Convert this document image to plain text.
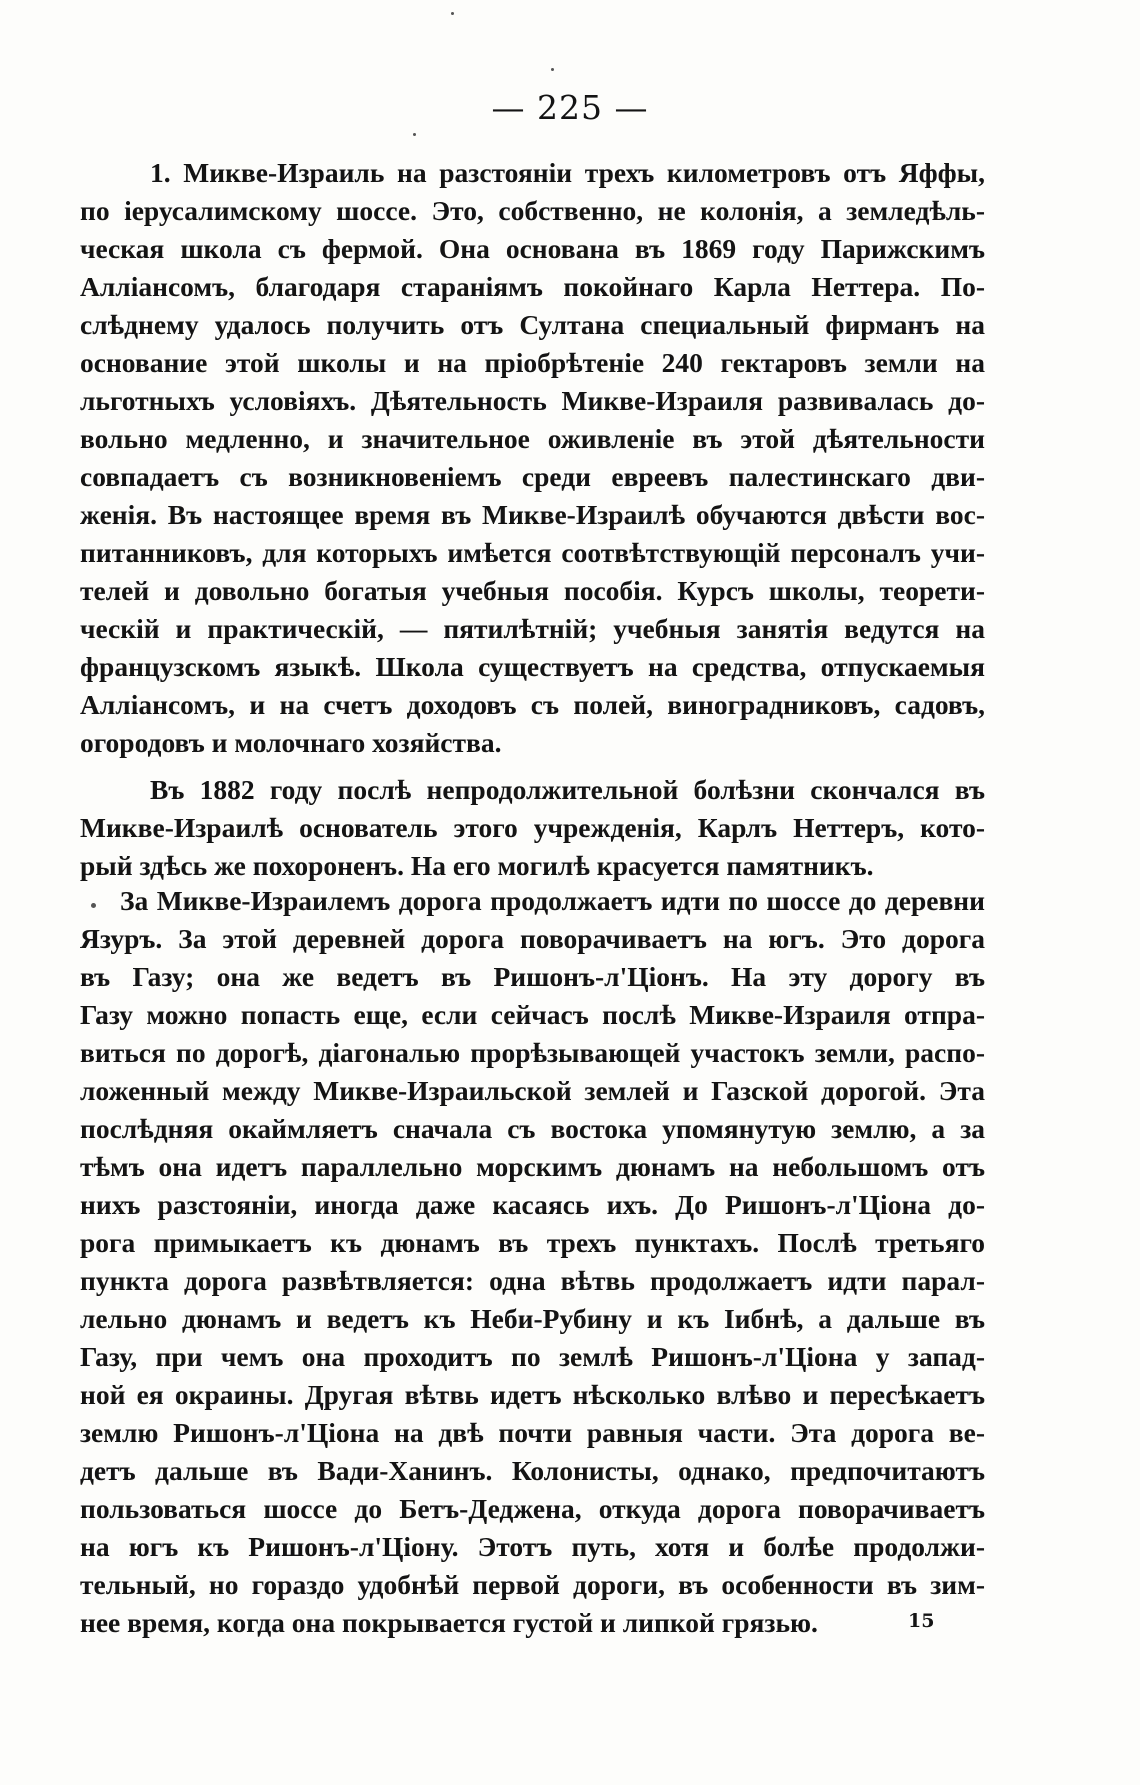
— 225 —
1. Микве-Израиль на разстоянiи трехъ километровъ отъ Яффы,
по iерусалимскому шоссе. Это, собственно, не колонiя, а земледѣль-
ческая школа съ фермой. Она основана въ 1869 году Парижскимъ
Алліансомъ, благодаря стараніямъ покойнаго Карла Неттера. По-
слѣднему удалось получить отъ Султана специальный фирманъ на
основание этой школы и на прiобрѣтенiе 240 гектаровъ земли на
льготныхъ условiяхъ. Дѣятельность Микве-Израиля развивалась до-
вольно медленно, и значительное оживленiе въ этой дѣятельности
совпадаетъ съ возникновенiемъ среди евреевъ палестинскаго дви-
женiя. Въ настоящее время въ Микве-Израилѣ обучаются двѣсти вос-
питанниковъ, для которыхъ имѣется соотвѣтствующiй персоналъ учи-
телей и довольно богатыя учебныя пособiя. Курсъ школы, теорети-
ческiй и практическiй, — пятилѣтнiй; учебныя занятiя ведутся на
французскомъ языкѣ. Школа существуетъ на средства, отпускаемыя
Алліансомъ, и на счетъ доходовъ съ полей, виноградниковъ, садовъ,
огородовъ и молочнаго хозяйства.
Въ 1882 году послѣ непродолжительной болѣзни скончался въ
Микве-Израилѣ основатель этого учрежденiя, Карлъ Неттеръ, кото-
рый здѣсь же похороненъ. На его могилѣ красуется памятникъ.
За Микве-Израилемъ дорога продолжаетъ идти по шоссе до деревни
Язуръ. За этой деревней дорога поворачиваетъ на югъ. Это дорога
въ Газу; она же ведетъ въ Ришонъ-л'Цiонъ. На эту дорогу въ
Газу можно попасть еще, если сейчасъ послѣ Микве-Израиля отпра-
виться по дорогѣ, дiагональю прорѣзывающей участокъ земли, распо-
ложенный между Микве-Израильской землей и Газской дорогой. Эта
послѣдняя окаймляетъ сначала съ востока упомянутую землю, а за
тѣмъ она идетъ параллельно морскимъ дюнамъ на небольшомъ отъ
нихъ разстоянiи, иногда даже касаясь ихъ. До Ришонъ-л'Цiона до-
рога примыкаетъ къ дюнамъ въ трехъ пунктахъ. Послѣ третьяго
пункта дорога развѣтвляется: одна вѣтвь продолжаетъ идти парал-
лельно дюнамъ и ведетъ къ Неби-Рубину и къ Iибнѣ, а дальше въ
Газу, при чемъ она проходитъ по землѣ Ришонъ-л'Цiона у запад-
ной ея окраины. Другая вѣтвь идетъ нѣсколько влѣво и пересѣкаетъ
землю Ришонъ-л'Цiона на двѣ почти равныя части. Эта дорога ве-
детъ дальше въ Вади-Ханинъ. Колонисты, однако, предпочитаютъ
пользоваться шоссе до Бетъ-Деджена, откуда дорога поворачиваетъ
на югъ къ Ришонъ-л'Цiону. Этотъ путь, хотя и болѣе продолжи-
тельный, но гораздо удобнѣй первой дороги, въ особенности въ зим-
нее время, когда она покрывается густой и липкой грязью.	15
